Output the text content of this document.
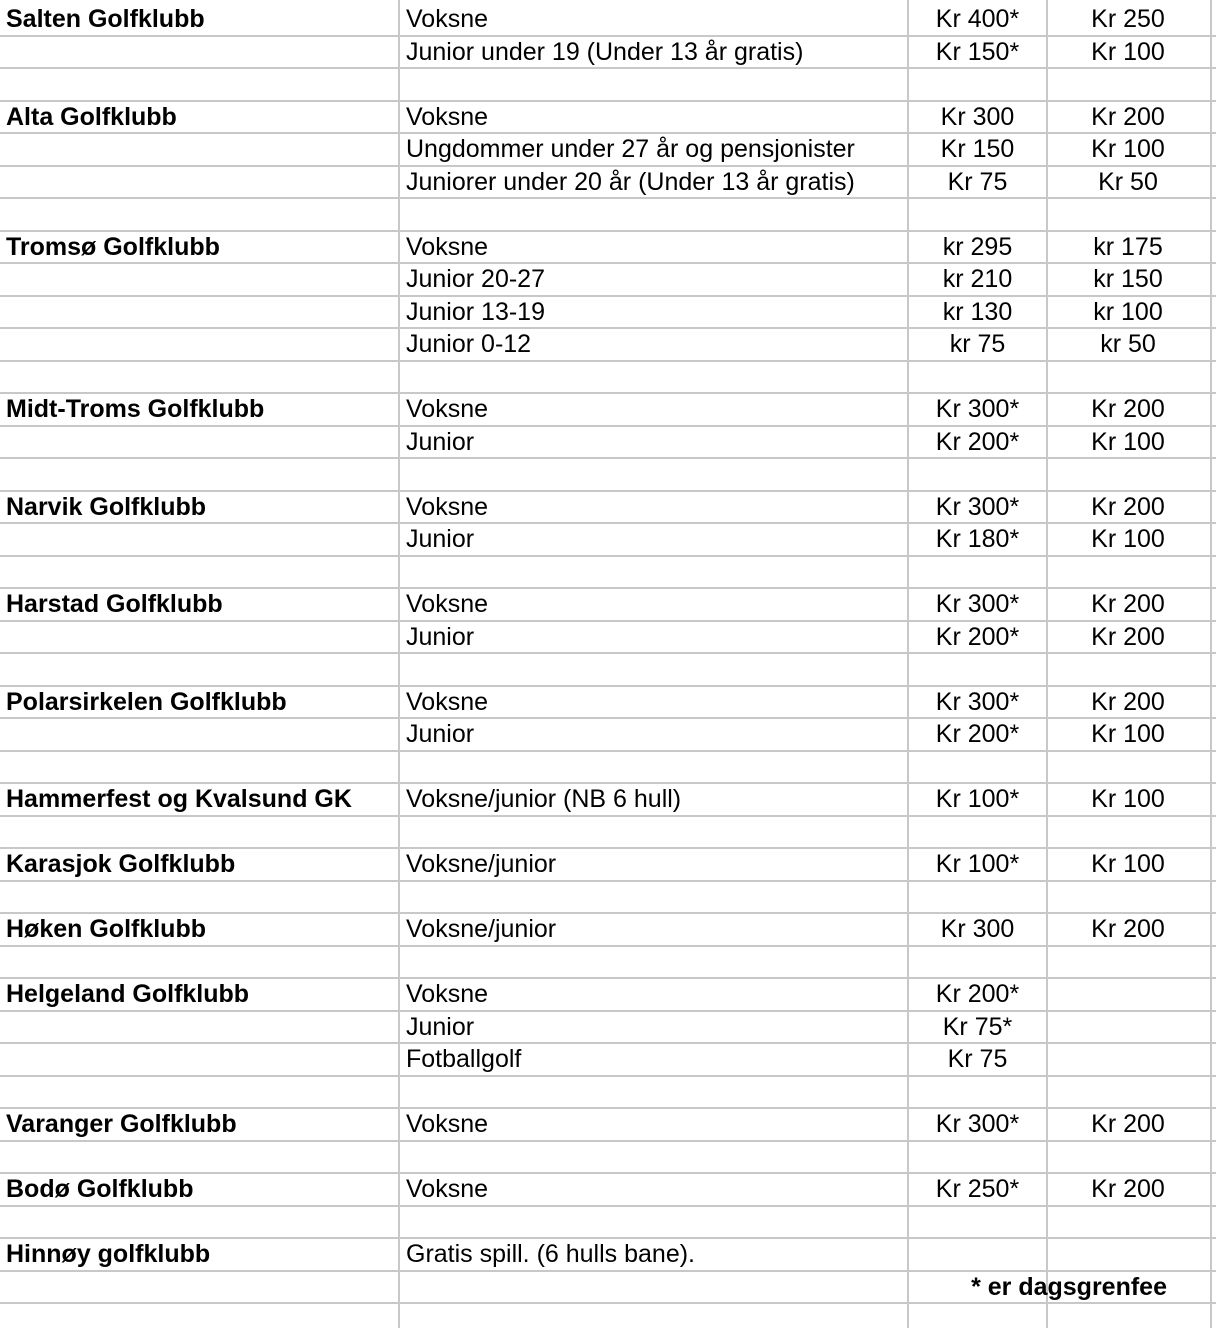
Salten Golfklubb	Voksne	Kr 400*	Kr 250
Junior under 19 (Under 13 år gratis)	Kr 150*	Kr 100
Alta Golfklubb	Voksne	Kr 300	Kr 200
Ungdommer under 27 år og pensjonister	Kr 150	Kr 100
Juniorer under 20 år (Under 13 år gratis)	Kr 75	Kr 50
Tromsø Golfklubb	Voksne	kr 295	kr 175
Junior 20-27	kr 210	kr 150
Junior 13-19	kr 130	kr 100
Junior 0-12	kr 75	kr 50
Midt-Troms Golfklubb	Voksne	Kr 300*	Kr 200
Junior	Kr 200*	Kr 100
Narvik Golfklubb	Voksne	Kr 300*	Kr 200
Junior	Kr 180*	Kr 100
Harstad Golfklubb	Voksne	Kr 300*	Kr 200
Junior	Kr 200*	Kr 200
Polarsirkelen Golfklubb	Voksne	Kr 300*	Kr 200
Junior	Kr 200*	Kr 100
Hammerfest og Kvalsund GK	Voksne/junior (NB 6 hull)	Kr 100*	Kr 100
Karasjok Golfklubb	Voksne/junior	Kr 100*	Kr 100
Høken Golfklubb	Voksne/junior	Kr 300	Kr 200
Helgeland Golfklubb	Voksne	Kr 200*
Junior	Kr 75*
Fotballgolf	Kr 75
Varanger Golfklubb	Voksne	Kr 300*	Kr 200
Bodø Golfklubb	Voksne	Kr 250*	Kr 200
Hinnøy golfklubb	Gratis spill. (6 hulls bane).
* er dagsgrenfee
